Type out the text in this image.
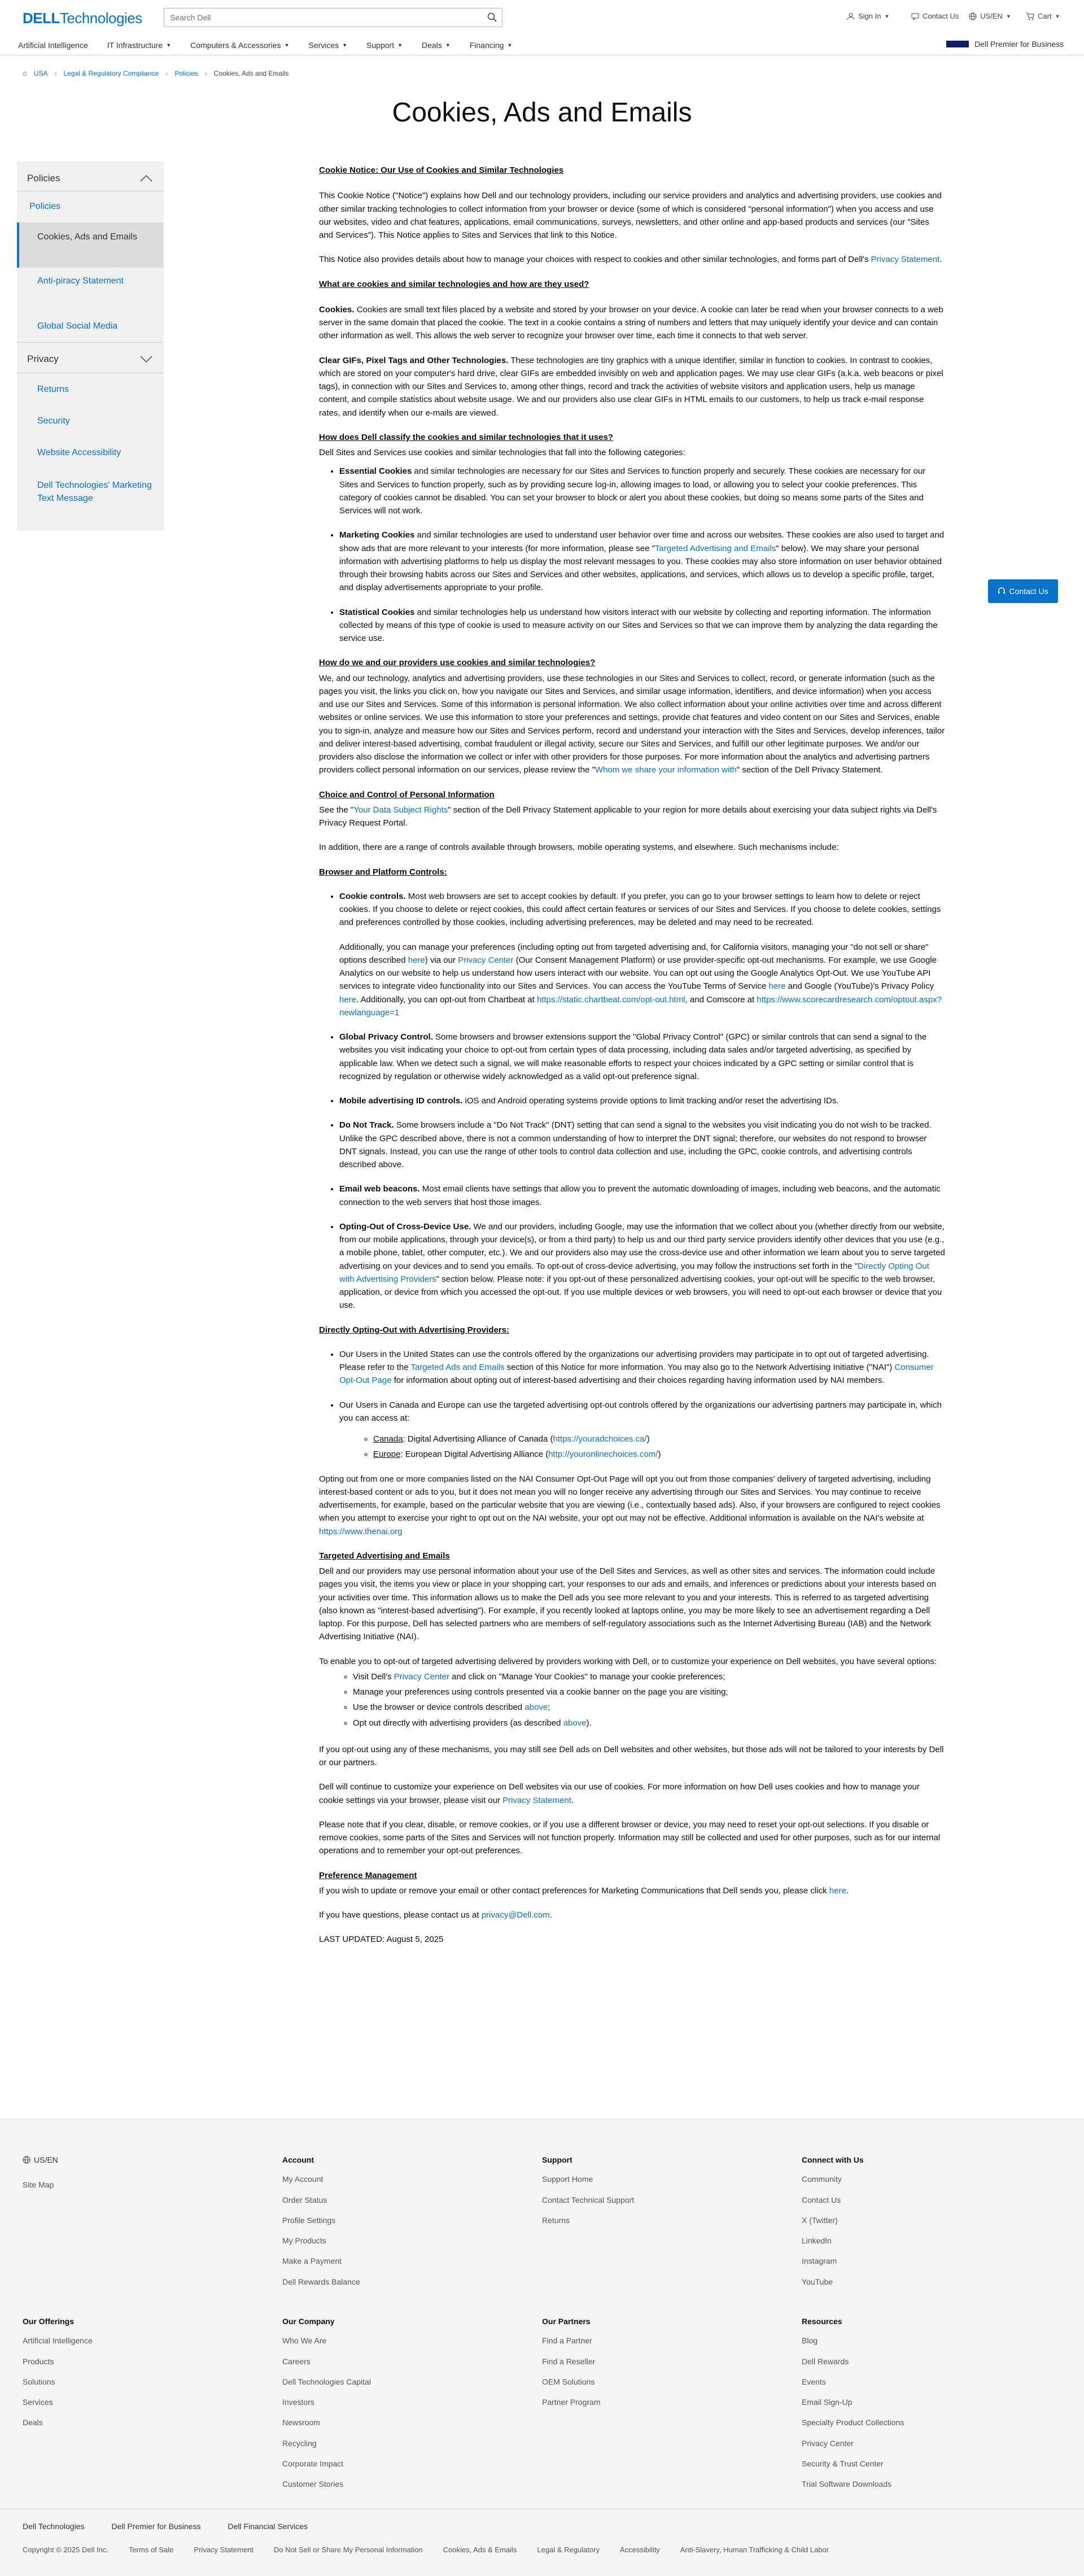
DELLTechnologies	Search Dell	Sign In ▼	Contact Us	US/EN ▼	Cart ▼
Artificial Intelligence IT Infrastructure ▼ Computers & Accessories ▼ Services ▼ Support ▼ Deals ▼ Financing ▼	Dell Premier for Business
⌂ USA › Legal & Regulatory Compliance › Policies › Cookies, Ads and Emails
Cookies, Ads and Emails
Policies
Policies
Cookies, Ads and Emails
Anti-piracy Statement
Global Social Media
Privacy
Returns
Security
Website Accessibility
Dell Technologies' Marketing Text Message
Contact Us
Cookie Notice: Our Use of Cookies and Similar Technologies

This Cookie Notice ("Notice") explains how Dell and our technology providers, including our service providers and analytics and advertising providers, use cookies and other similar tracking technologies to collect information from your browser or device (some of which is considered "personal information") when you access and use our websites, video and chat features, applications, email communications, surveys, newsletters, and other online and app-based products and services (our "Sites and Services"). This Notice applies to Sites and Services that link to this Notice.

This Notice also provides details about how to manage your choices with respect to cookies and other similar technologies, and forms part of Dell's Privacy Statement.

What are cookies and similar technologies and how are they used?

Cookies. Cookies are small text files placed by a website and stored by your browser on your device. A cookie can later be read when your browser connects to a web server in the same domain that placed the cookie. The text in a cookie contains a string of numbers and letters that may uniquely identify your device and can contain other information as well. This allows the web server to recognize your browser over time, each time it connects to that web server.

Clear GIFs, Pixel Tags and Other Technologies. These technologies are tiny graphics with a unique identifier, similar in function to cookies. In contrast to cookies, which are stored on your computer's hard drive, clear GIFs are embedded invisibly on web and application pages. We may use clear GIFs (a.k.a. web beacons or pixel tags), in connection with our Sites and Services to, among other things, record and track the activities of website visitors and application users, help us manage content, and compile statistics about website usage. We and our providers also use clear GIFs in HTML emails to our customers, to help us track e-mail response rates, and identify when our e-mails are viewed.

How does Dell classify the cookies and similar technologies that it uses?

Dell Sites and Services use cookies and similar technologies that fall into the following categories:

• Essential Cookies and similar technologies are necessary for our Sites and Services to function properly and securely. These cookies are necessary for our Sites and Services to function properly, such as by providing secure log-in, allowing images to load, or allowing you to select your cookie preferences. This category of cookies cannot be disabled. You can set your browser to block or alert you about these cookies, but doing so means some parts of the Sites and Services will not work.
• Marketing Cookies and similar technologies are used to understand user behavior over time and across our websites. These cookies are also used to target and show ads that are more relevant to your interests (for more information, please see "Targeted Advertising and Emails" below). We may share your personal information with advertising platforms to help us display the most relevant messages to you. These cookies may also store information on user behavior obtained through their browsing habits across our Sites and Services and other websites, applications, and services, which allows us to develop a specific profile, target, and display advertisements appropriate to your profile.
• Statistical Cookies and similar technologies help us understand how visitors interact with our website by collecting and reporting information. The information collected by means of this type of cookie is used to measure activity on our Sites and Services so that we can improve them by analyzing the data regarding the service use.
How do we and our providers use cookies and similar technologies?

We, and our technology, analytics and advertising providers, use these technologies in our Sites and Services to collect, record, or generate information (such as the pages you visit, the links you click on, how you navigate our Sites and Services, and similar usage information, identifiers, and device information) when you access and use our Sites and Services. Some of this information is personal information. We also collect information about your online activities over time and across different websites or online services. We use this information to store your preferences and settings, provide chat features and video content on our Sites and Services, enable you to sign-in, analyze and measure how our Sites and Services perform, record and understand your interaction with the Sites and Services, develop inferences, tailor and deliver interest-based advertising, combat fraudulent or illegal activity, secure our Sites and Services, and fulfill our other legitimate purposes. We and/or our providers also disclose the information we collect or infer with other providers for those purposes. For more information about the analytics and advertising partners providers collect personal information on our services, please review the "Whom we share your information with" section of the Dell Privacy Statement.

Choice and Control of Personal Information

See the "Your Data Subject Rights" section of the Dell Privacy Statement applicable to your region for more details about exercising your data subject rights via Dell's Privacy Request Portal.

In addition, there are a range of controls available through browsers, mobile operating systems, and elsewhere. Such mechanisms include:

Browser and Platform Controls:
• Cookie controls. Most web browsers are set to accept cookies by default. If you prefer, you can go to your browser settings to learn how to delete or reject cookies. If you choose to delete or reject cookies, this could affect certain features or services of our Sites and Services. If you choose to delete cookies, settings and preferences controlled by those cookies, including advertising preferences, may be deleted and may need to be recreated.

Additionally, you can manage your preferences (including opting out from targeted advertising and, for California visitors, managing your "do not sell or share" options described here) via our Privacy Center (Our Consent Management Platform) or use provider-specific opt-out mechanisms. For example, we use Google Analytics on our website to help us understand how users interact with our website. You can opt out using the Google Analytics Opt-Out. We use YouTube API services to integrate video functionality into our Sites and Services. You can access the YouTube Terms of Service here and Google (YouTube)'s Privacy Policy here. Additionally, you can opt-out from Chartbeat at https://static.chartbeat.com/opt-out.html, and Comscore at https://www.scorecardresearch.com/optout.aspx?newlanguage=1

• Global Privacy Control. Some browsers and browser extensions support the "Global Privacy Control" (GPC) or similar controls that can send a signal to the websites you visit indicating your choice to opt-out from certain types of data processing, including data sales and/or targeted advertising, as specified by applicable law. When we detect such a signal, we will make reasonable efforts to respect your choices indicated by a GPC setting or similar control that is recognized by regulation or otherwise widely acknowledged as a valid opt-out preference signal.
• Mobile advertising ID controls. iOS and Android operating systems provide options to limit tracking and/or reset the advertising IDs.
• Do Not Track. Some browsers include a "Do Not Track" (DNT) setting that can send a signal to the websites you visit indicating you do not wish to be tracked. Unlike the GPC described above, there is not a common understanding of how to interpret the DNT signal; therefore, our websites do not respond to browser DNT signals. Instead, you can use the range of other tools to control data collection and use, including the GPC, cookie controls, and advertising controls described above.
• Email web beacons. Most email clients have settings that allow you to prevent the automatic downloading of images, including web beacons, and the automatic connection to the web servers that host those images.
• Opting-Out of Cross-Device Use. We and our providers, including Google, may use the information that we collect about you (whether directly from our website, from our mobile applications, through your device(s), or from a third party) to help us and our third party service providers identify other devices that you use (e.g., a mobile phone, tablet, other computer, etc.). We and our providers also may use the cross-device use and other information we learn about you to serve targeted advertising on your devices and to send you emails. To opt-out of cross-device advertising, you may follow the instructions set forth in the "Directly Opting Out with Advertising Providers" section below. Please note: if you opt-out of these personalized advertising cookies, your opt-out will be specific to the web browser, application, or device from which you accessed the opt-out. If you use multiple devices or web browsers, you will need to opt-out each browser or device that you use.
Directly Opting-Out with Advertising Providers:
• Our Users in the United States can use the controls offered by the organizations our advertising providers may participate in to opt out of targeted advertising. Please refer to the Targeted Ads and Emails section of this Notice for more information. You may also go to the Network Advertising Initiative ("NAI") Consumer Opt-Out Page for information about opting out of interest-based advertising and their choices regarding having information used by NAI members.
• Our Users in Canada and Europe can use the targeted advertising opt-out controls offered by the organizations our advertising partners may participate in, which you can access at:
◦ Canada: Digital Advertising Alliance of Canada (https://youradchoices.ca/)
◦ Europe: European Digital Advertising Alliance (http://youronlinechoices.com/)

Opting out from one or more companies listed on the NAI Consumer Opt-Out Page will opt you out from those companies' delivery of targeted advertising, including interest-based content or ads to you, but it does not mean you will no longer receive any advertising through our Sites and Services. You may continue to receive advertisements, for example, based on the particular website that you are viewing (i.e., contextually based ads). Also, if your browsers are configured to reject cookies when you attempt to exercise your right to opt out on the NAI website, your opt out may not be effective. Additional information is available on the NAI's website at https://www.thenai.org

Targeted Advertising and Emails

Dell and our providers may use personal information about your use of the Dell Sites and Services, as well as other sites and services. The information could include pages you visit, the items you view or place in your shopping cart, your responses to our ads and emails, and inferences or predictions about your interests based on your activities over time. This information allows us to make the Dell ads you see more relevant to you and your interests. This is referred to as targeted advertising (also known as "interest-based advertising"). For example, if you recently looked at laptops online, you may be more likely to see an advertisement regarding a Dell laptop. For this purpose, Dell has selected partners who are members of self-regulatory associations such as the Internet Advertising Bureau (IAB) and the Network Advertising Initiative (NAI).

To enable you to opt-out of targeted advertising delivered by providers working with Dell, or to customize your experience on Dell websites, you have several options:

◦ Visit Dell's Privacy Center and click on "Manage Your Cookies" to manage your cookie preferences;
◦ Manage your preferences using controls presented via a cookie banner on the page you are visiting;
◦ Use the browser or device controls described above;
◦ Opt out directly with advertising providers (as described above).

If you opt-out using any of these mechanisms, you may still see Dell ads on Dell websites and other websites, but those ads will not be tailored to your interests by Dell or our partners.

Dell will continue to customize your experience on Dell websites via our use of cookies. For more information on how Dell uses cookies and how to manage your cookie settings via your browser, please visit our Privacy Statement.

Please note that if you clear, disable, or remove cookies, or if you use a different browser or device, you may need to reset your opt-out selections. If you disable or remove cookies, some parts of the Sites and Services will not function properly. Information may still be collected and used for other purposes, such as for our internal operations and to remember your opt-out preferences.

Preference Management

If you wish to update or remove your email or other contact preferences for Marketing Communications that Dell sends you, please click here.

If you have questions, please contact us at privacy@Dell.com.

LAST UPDATED: August 5, 2025

US/EN
Site Map
Account
My Account
Order Status
Profile Settings
My Products
Make a Payment
Dell Rewards Balance
Support
Support Home
Contact Technical Support
Returns
Connect with Us
Community
Contact Us
X (Twitter)
LinkedIn
Instagram
YouTube
Our Offerings
Artificial Intelligence
Products
Solutions
Services
Deals
Our Company
Who We Are
Careers
Dell Technologies Capital
Investors
Newsroom
Recycling
Corporate Impact
Customer Stories
Our Partners
Find a Partner
Find a Reseller
OEM Solutions
Partner Program
Resources
Blog
Dell Rewards
Events
Email Sign-Up
Specialty Product Collections
Privacy Center
Security & Trust Center
Trial Software Downloads
Dell Technologies	Dell Premier for Business	Dell Financial Services
Copyright © 2025 Dell Inc.	Terms of Sale	Privacy Statement	Do Not Sell or Share My Personal Information	Cookies, Ads & Emails	Legal & Regulatory	Accessibility	Anti-Slavery, Human Trafficking & Child Labor
